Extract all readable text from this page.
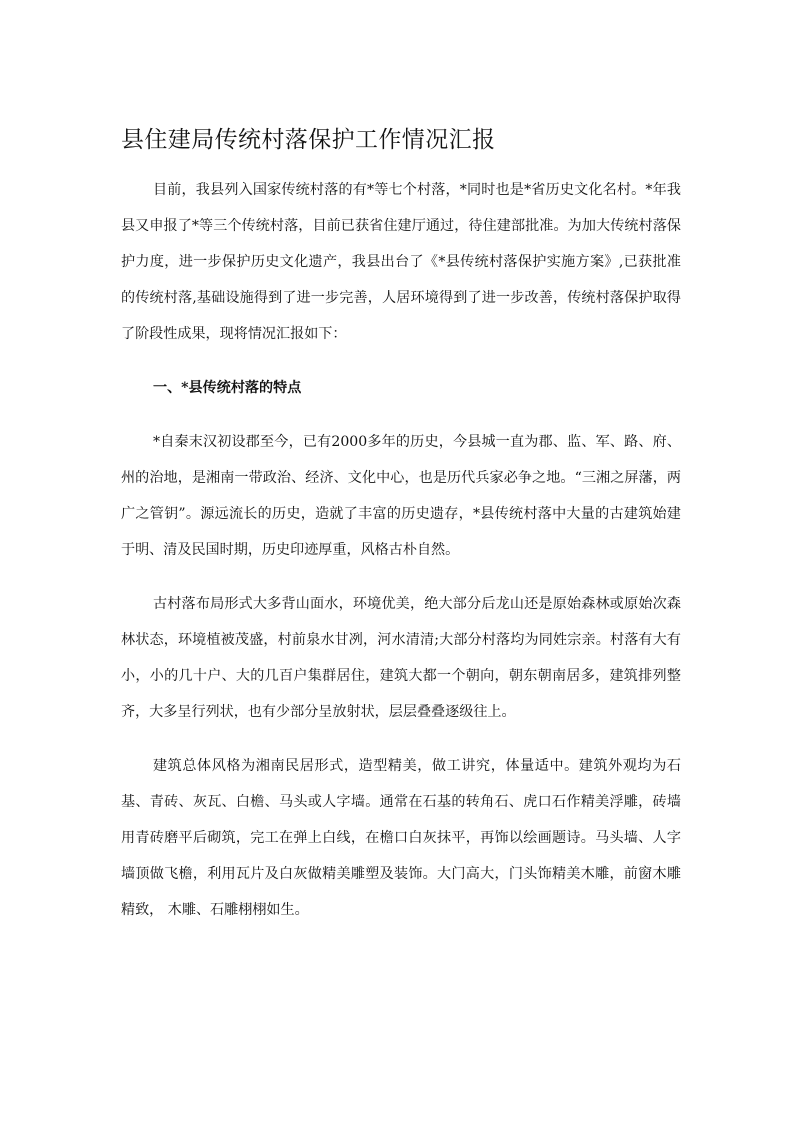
县住建局传统村落保护工作情况汇报

目前，我县列入国家传统村落的有*等七个村落，*同时也是*省历史文化名村。*年我县又申报了*等三个传统村落，目前已获省住建厅通过，待住建部批准。为加大传统村落保护力度，进一步保护历史文化遗产，我县出台了《*县传统村落保护实施方案》,已获批准的传统村落,基础设施得到了进一步完善，人居环境得到了进一步改善，传统村落保护取得了阶段性成果，现将情况汇报如下：

一、*县传统村落的特点

*自秦末汉初设郡至今，已有2000多年的历史，今县城一直为郡、监、军、路、府、州的治地，是湘南一带政治、经济、文化中心，也是历代兵家必争之地。“三湘之屏藩，两广之管钥”。源远流长的历史，造就了丰富的历史遗存，*县传统村落中大量的古建筑始建于明、清及民国时期，历史印迹厚重，风格古朴自然。

古村落布局形式大多背山面水，环境优美，绝大部分后龙山还是原始森林或原始次森林状态，环境植被茂盛，村前泉水甘冽，河水清清;大部分村落均为同姓宗亲。村落有大有小，小的几十户、大的几百户集群居住，建筑大都一个朝向，朝东朝南居多，建筑排列整齐，大多呈行列状，也有少部分呈放射状，层层叠叠逐级往上。

建筑总体风格为湘南民居形式，造型精美，做工讲究，体量适中。建筑外观均为石基、青砖、灰瓦、白檐、马头或人字墙。通常在石基的转角石、虎口石作精美浮雕，砖墙用青砖磨平后砌筑，完工在弹上白线，在檐口白灰抹平，再饰以绘画题诗。马头墙、人字墙顶做飞檐，利用瓦片及白灰做精美雕塑及装饰。大门高大，门头饰精美木雕，前窗木雕精致， 木雕、石雕栩栩如生。
